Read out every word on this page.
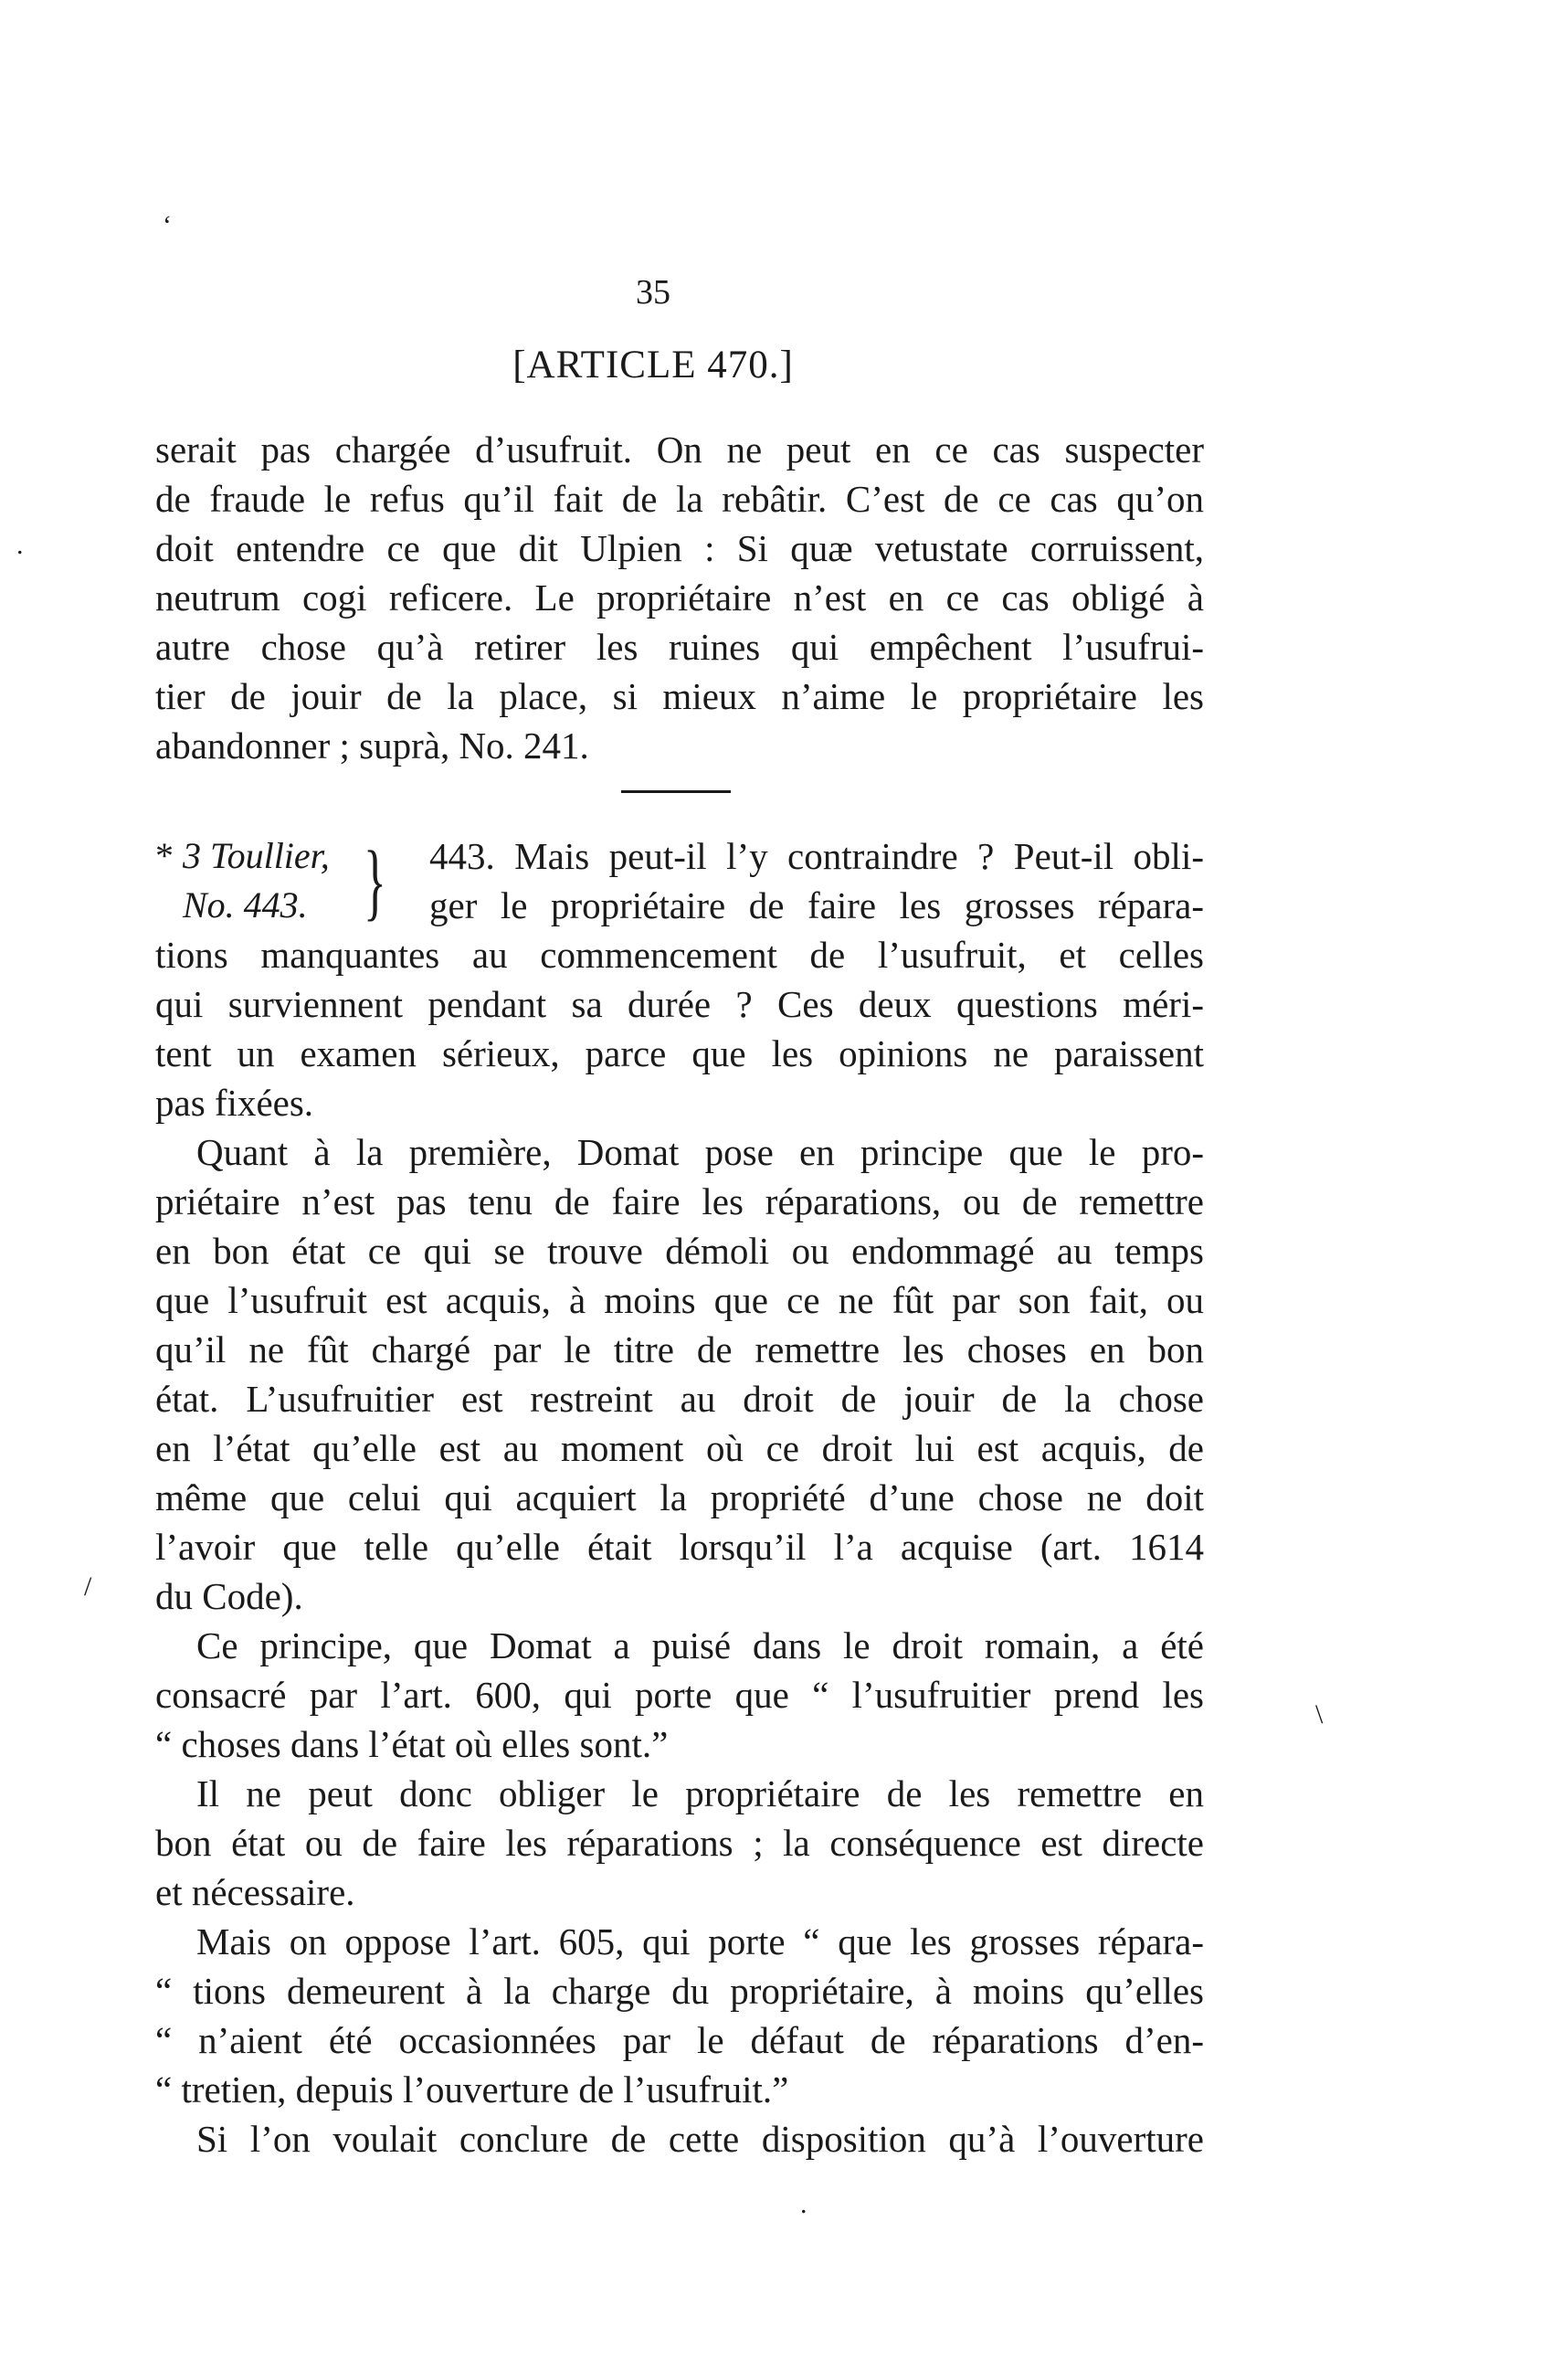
35
[ARTICLE 470.]
serait pas chargée d’usufruit. On ne peut en ce cas suspecter
de fraude le refus qu’il fait de la rebâtir. C’est de ce cas qu’on
doit entendre ce que dit Ulpien : Si quæ vetustate corruissent,
neutrum cogi reficere. Le propriétaire n’est en ce cas obligé à
autre chose qu’à retirer les ruines qui empêchent l’usufrui-
tier de jouir de la place, si mieux n’aime le propriétaire les
abandonner ; suprà, No. 241.
* 3 Toullier,
No. 443. } 443. Mais peut-il l’y contraindre ? Peut-il obli-
ger le propriétaire de faire les grosses répara-
tions manquantes au commencement de l’usufruit, et celles
qui surviennent pendant sa durée ? Ces deux questions méri-
tent un examen sérieux, parce que les opinions ne paraissent
pas fixées.
Quant à la première, Domat pose en principe que le pro-
priétaire n’est pas tenu de faire les réparations, ou de remettre
en bon état ce qui se trouve démoli ou endommagé au temps
que l’usufruit est acquis, à moins que ce ne fût par son fait, ou
qu’il ne fût chargé par le titre de remettre les choses en bon
état. L’usufruitier est restreint au droit de jouir de la chose
en l’état qu’elle est au moment où ce droit lui est acquis, de
même que celui qui acquiert la propriété d’une chose ne doit
l’avoir que telle qu’elle était lorsqu’il l’a acquise (art. 1614
du Code).
Ce principe, que Domat a puisé dans le droit romain, a été
consacré par l’art. 600, qui porte que “ l’usufruitier prend les
“ choses dans l’état où elles sont.”
Il ne peut donc obliger le propriétaire de les remettre en
bon état ou de faire les réparations ; la conséquence est directe
et nécessaire.
Mais on oppose l’art. 605, qui porte “ que les grosses répara-
“ tions demeurent à la charge du propriétaire, à moins qu’elles
“ n’aient été occasionnées par le défaut de réparations d’en-
“ tretien, depuis l’ouverture de l’usufruit.”
Si l’on voulait conclure de cette disposition qu’à l’ouverture
‘
.
/
\
.
